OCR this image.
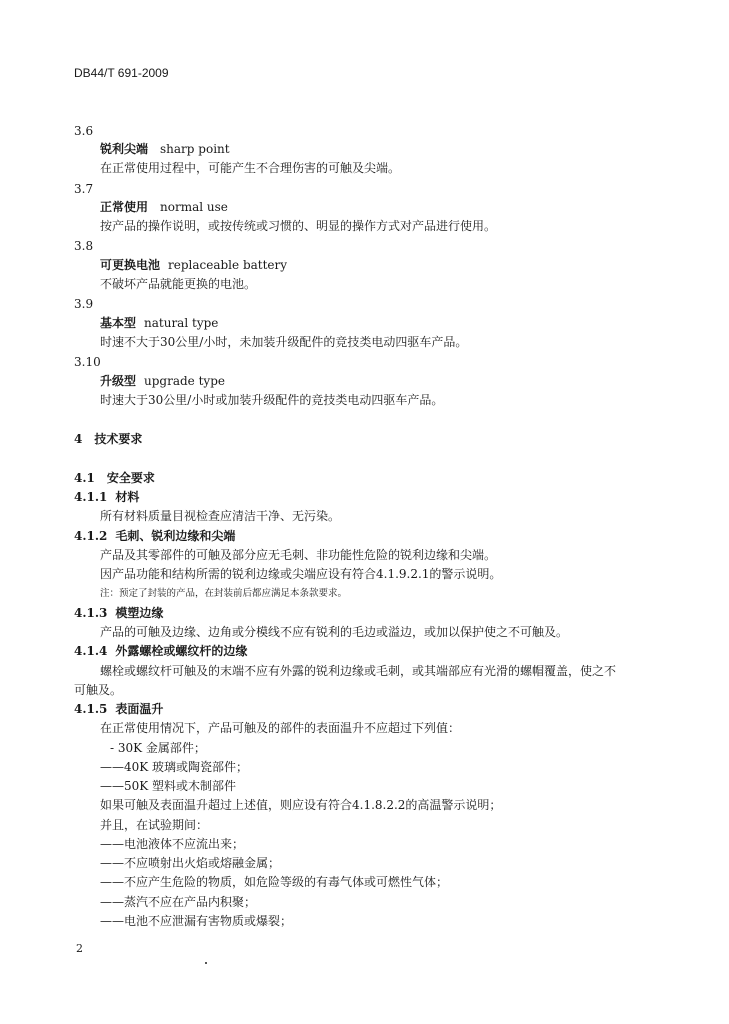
DB44/T 691-2009
3.6
锐利尖端 sharp point
在正常使用过程中，可能产生不合理伤害的可触及尖端。
3.7
正常使用 normal use
按产品的操作说明，或按传统或习惯的、明显的操作方式对产品进行使用。
3.8
可更换电池 replaceable battery
不破坏产品就能更换的电池。
3.9
基本型 natural type
时速不大于30公里/小时，未加装升级配件的竞技类电动四驱车产品。
3.10
升级型 upgrade type
时速大于30公里/小时或加装升级配件的竞技类电动四驱车产品。
4 技术要求
4.1 安全要求
4.1.1 材料
所有材料质量目视检查应清洁干净、无污染。
4.1.2 毛刺、锐利边缘和尖端
产品及其零部件的可触及部分应无毛刺、非功能性危险的锐利边缘和尖端。
因产品功能和结构所需的锐利边缘或尖端应设有符合4.1.9.2.1的警示说明。
注：预定了封装的产品，在封装前后都应满足本条款要求。
4.1.3 模塑边缘
产品的可触及边缘、边角或分模线不应有锐利的毛边或溢边，或加以保护使之不可触及。
4.1.4 外露螺栓或螺纹杆的边缘
螺栓或螺纹杆可触及的末端不应有外露的锐利边缘或毛刺，或其端部应有光滑的螺帽覆盖，使之不
可触及。
4.1.5 表面温升
在正常使用情况下，产品可触及的部件的表面温升不应超过下列值：
- 30K 金属部件；
——40K 玻璃或陶瓷部件；
——50K 塑料或木制部件
如果可触及表面温升超过上述值，则应设有符合4.1.8.2.2的高温警示说明；
并且，在试验期间：
——电池液体不应流出来；
——不应喷射出火焰或熔融金属；
——不应产生危险的物质，如危险等级的有毒气体或可燃性气体；
——蒸汽不应在产品内积聚；
——电池不应泄漏有害物质或爆裂；
2
